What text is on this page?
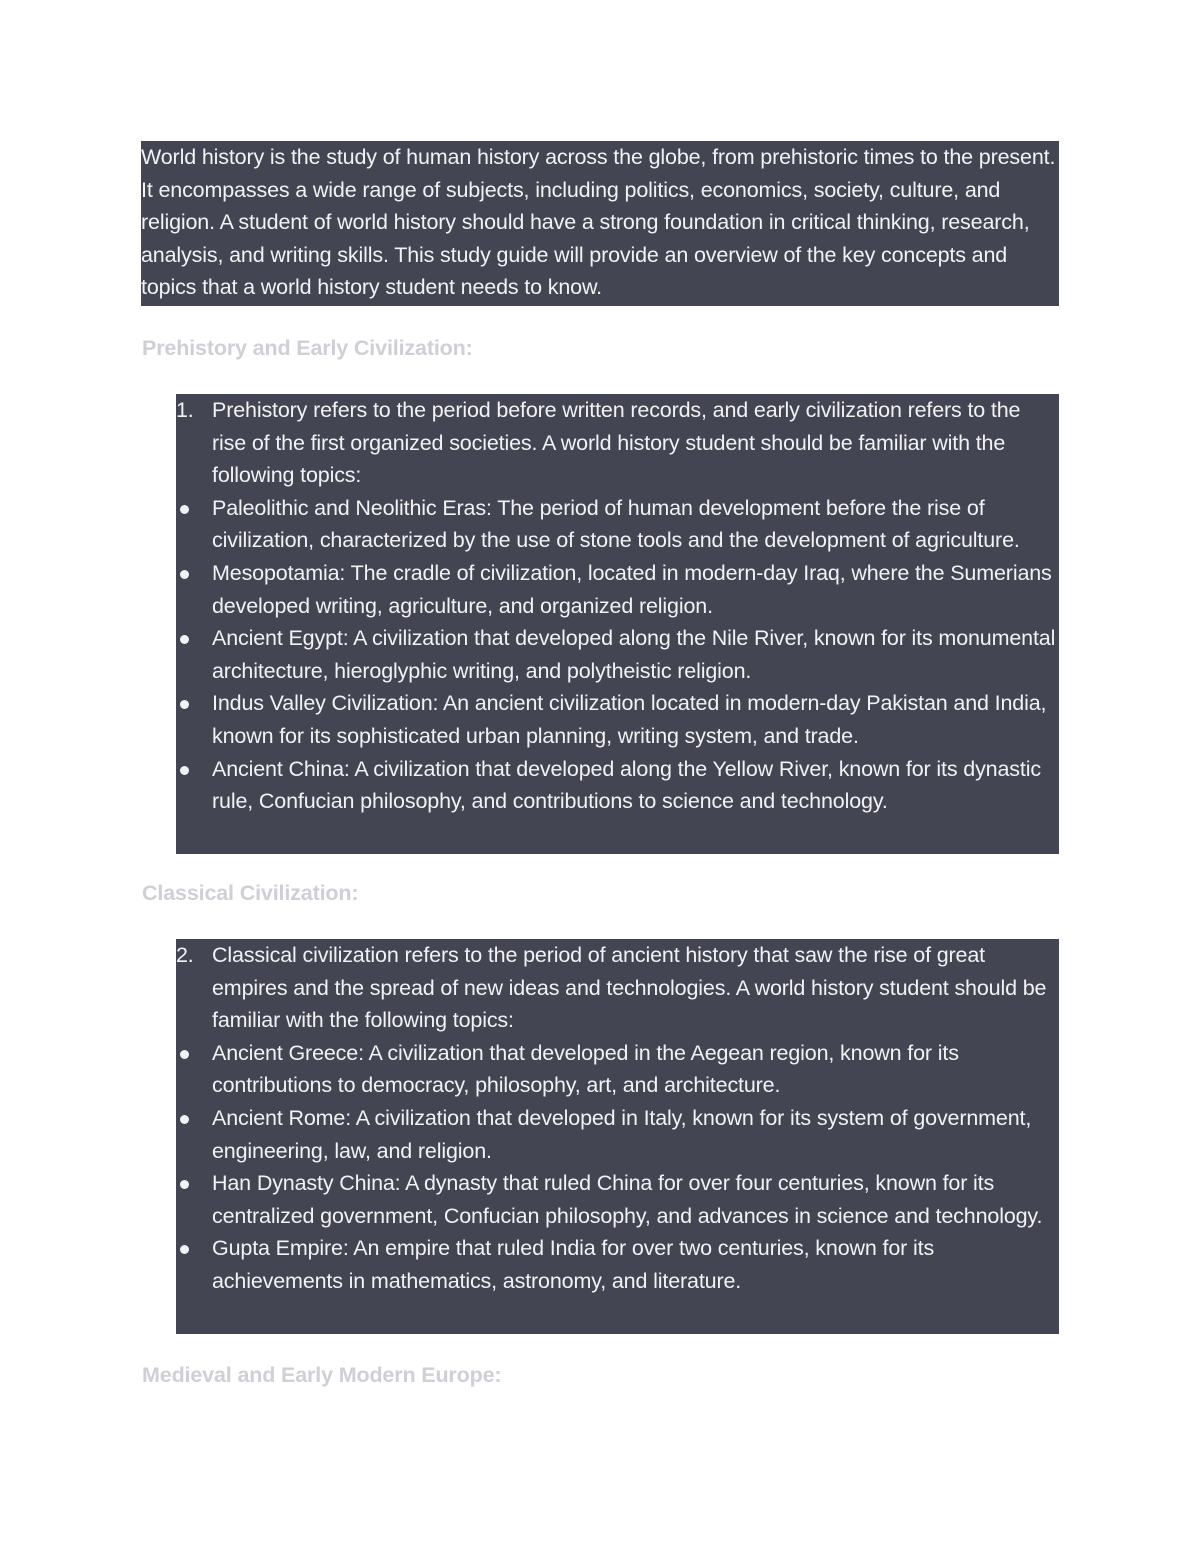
World history is the study of human history across the globe, from prehistoric times to the present. It encompasses a wide range of subjects, including politics, economics, society, culture, and religion. A student of world history should have a strong foundation in critical thinking, research, analysis, and writing skills. This study guide will provide an overview of the key concepts and topics that a world history student needs to know.

Prehistory and Early Civilization:
1. Prehistory refers to the period before written records, and early civilization refers to the rise of the first organized societies. A world history student should be familiar with the following topics:
Paleolithic and Neolithic Eras: The period of human development before the rise of civilization, characterized by the use of stone tools and the development of agriculture.
Mesopotamia: The cradle of civilization, located in modern-day Iraq, where the Sumerians developed writing, agriculture, and organized religion.
Ancient Egypt: A civilization that developed along the Nile River, known for its monumental architecture, hieroglyphic writing, and polytheistic religion.
Indus Valley Civilization: An ancient civilization located in modern-day Pakistan and India, known for its sophisticated urban planning, writing system, and trade.
Ancient China: A civilization that developed along the Yellow River, known for its dynastic rule, Confucian philosophy, and contributions to science and technology.
Classical Civilization:
2. Classical civilization refers to the period of ancient history that saw the rise of great empires and the spread of new ideas and technologies. A world history student should be familiar with the following topics:
Ancient Greece: A civilization that developed in the Aegean region, known for its contributions to democracy, philosophy, art, and architecture.
Ancient Rome: A civilization that developed in Italy, known for its system of government, engineering, law, and religion.
Han Dynasty China: A dynasty that ruled China for over four centuries, known for its centralized government, Confucian philosophy, and advances in science and technology.
Gupta Empire: An empire that ruled India for over two centuries, known for its achievements in mathematics, astronomy, and literature.
Medieval and Early Modern Europe:
